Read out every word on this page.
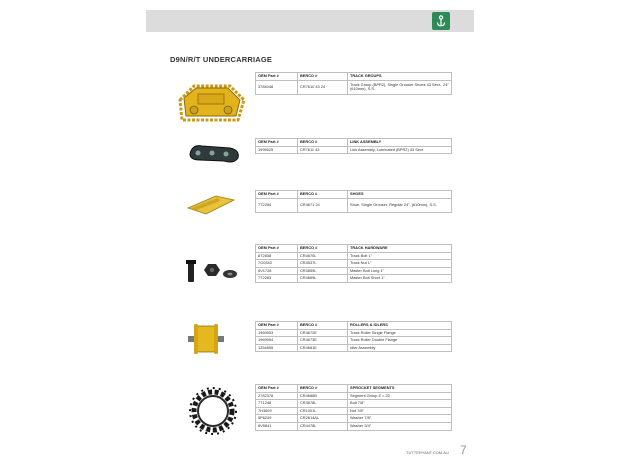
D9N/R/T UNDERCARRIAGE
OEM Part #	BERCO #	TRACK GROUPS
3784048	CR7610 43 24	Track Group (BPR2), Single Grouser Shoes 43 Sect., 24" (610mm), S.S.
OEM Part #	BERCO #	LINK ASSEMBLY
1995525	CR7611 43	Link Assembly, Lubricated (BPR2) 43 Sect
OEM Part #	BERCO #	SHOES
7T2284	CR4671 24	Shoe, Single Grouser, Regular 24", (610mm), S.S.
OEM Part #	BERCO #	TRACK HARDWARE
8T2838	CR4670L	Track Bolt 1"
7G0343	CR4537L	Track Nut 1"
6V1728	CR3859L	Master Bolt Long 1"
7T2283	CR4669L	Master Bolt Short 1"
OEM Part #	BERCO #	ROLLERS & IDLERS
1969953	CR4672E	Track Roller Single Flange
1969954	CR4673E	Track Roller Double Flange
1254855	CR4681E	Idler Assembly
OEM Part #	BERCO #	SPROCKET SEGMENTS
2782378	CR4686B	Segment Group Z = 25
7T1248	CR3878L	Bolt 7/8"
7H3609	CR1001L	Nut 7/8"
5P6249	CR2614AL	Washer 7/8"
6V5841	CR4478L	Washer 3/4"
TUTTERYANT.COM.AU 7
